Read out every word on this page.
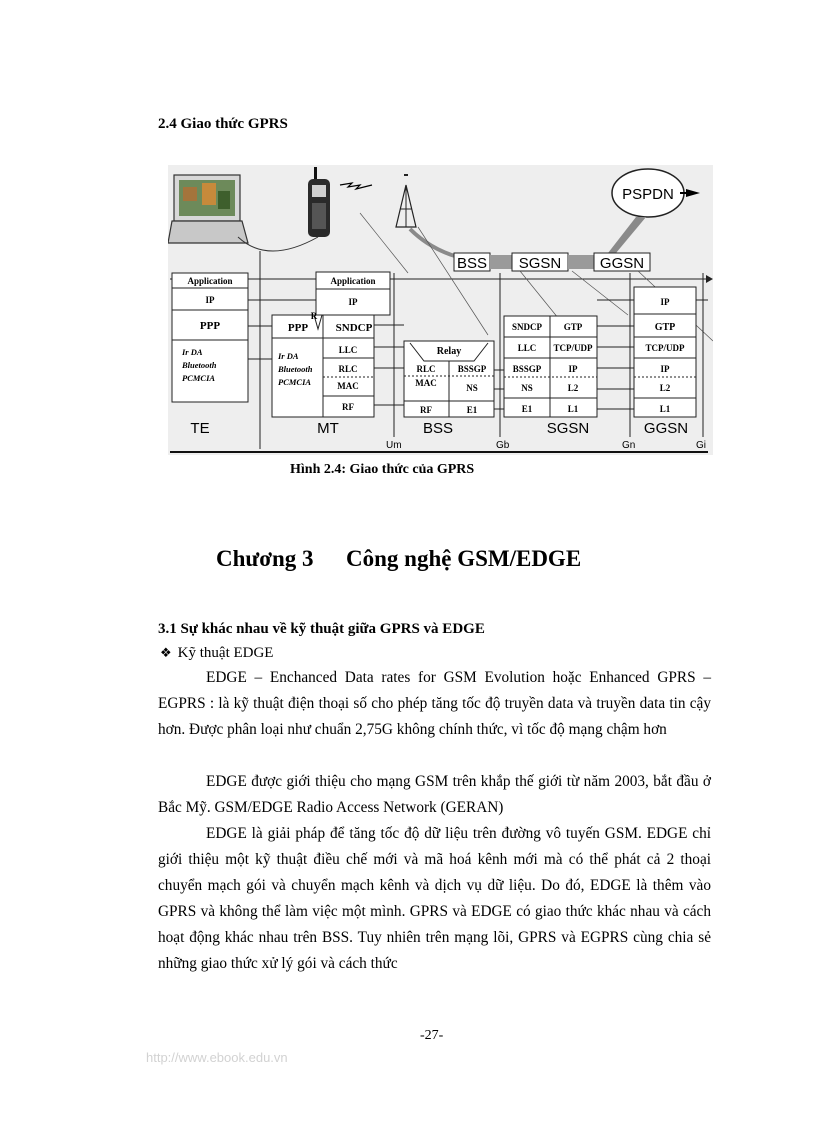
2.4 Giao thức GPRS
PSPDN
BSS SGSN	GGSN
Application
IP
PPP
Ir DA
Bluetooth
PCMCIA
Application
IP
PPP	SNDCP
LLC
RLC
MAC
RF
Ir DA
Bluetooth
PCMCIA
R
Relay
RLC BSSGP
MAC	NS
RF	E1
SNDCP GTP
LLC TCP/UDP
BSSGP	IP
NS	L2
E1	L1
IP
GTP
TCP/UDP
IP
L2
L1
TE	MT	BSS	SGSN	GGSN
Um	Gb	Gn	Gi
Hình 2.4: Giao thức của GPRS
Chương 3 Công nghệ GSM/EDGE
3.1 Sự khác nhau về kỹ thuật giữa GPRS và EDGE
❖ Kỹ thuật EDGE

EDGE – Enchanced Data rates for GSM Evolution hoặc Enhanced GPRS – EGPRS : là kỹ thuật điện thoại số cho phép tăng tốc độ truyền data và truyền data tin cậy hơn. Được phân loại như chuẩn 2,75G không chính thức, vì tốc độ mạng chậm hơn

EDGE được giới thiệu cho mạng GSM trên khắp thế giới từ năm 2003, bắt đầu ở Bắc Mỹ. GSM/EDGE Radio Access Network (GERAN)

EDGE là giải pháp để tăng tốc độ dữ liệu trên đường vô tuyến GSM. EDGE chỉ giới thiệu một kỹ thuật điều chế mới và mã hoá kênh mới mà có thể phát cả 2 thoại chuyển mạch gói và chuyển mạch kênh và dịch vụ dữ liệu. Do đó, EDGE là thêm vào GPRS và không thể làm việc một mình. GPRS và EDGE có giao thức khác nhau và cách hoạt động khác nhau trên BSS. Tuy nhiên trên mạng lõi, GPRS và EGPRS cùng chia sẻ những giao thức xử lý gói và cách thức

-27-
http://www.ebook.edu.vn
